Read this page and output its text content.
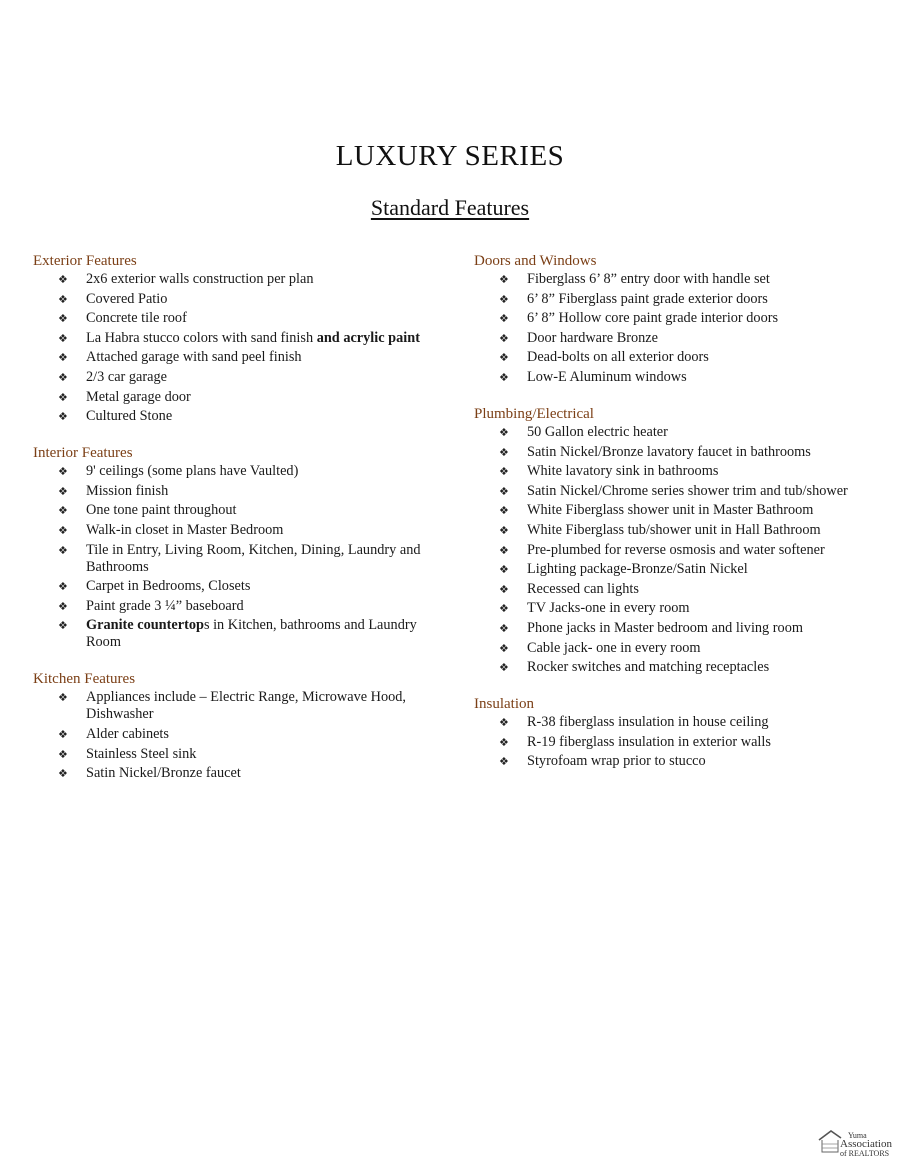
LUXURY SERIES
Standard Features
Exterior Features
❖ 2x6 exterior walls construction per plan
❖ Covered Patio
❖ Concrete tile roof
❖ La Habra stucco colors with sand finish and acrylic paint
❖ Attached garage with sand peel finish
❖ 2/3 car garage
❖ Metal garage door
❖ Cultured Stone
Interior Features
❖ 9' ceilings (some plans have Vaulted)
❖ Mission finish
❖ One tone paint throughout
❖ Walk-in closet in Master Bedroom
❖ Tile in Entry, Living Room, Kitchen, Dining, Laundry and Bathrooms
❖ Carpet in Bedrooms, Closets
❖ Paint grade 3 ¼” baseboard
❖ Granite countertops in Kitchen, bathrooms and Laundry Room
Kitchen Features
❖ Appliances include – Electric Range, Microwave Hood, Dishwasher
❖ Alder cabinets
❖ Stainless Steel sink
❖ Satin Nickel/Bronze faucet
Doors and Windows
❖ Fiberglass 6’ 8” entry door with handle set
❖ 6’ 8” Fiberglass paint grade exterior doors
❖ 6’ 8” Hollow core paint grade interior doors
❖ Door hardware Bronze
❖ Dead-bolts on all exterior doors
❖ Low-E Aluminum windows
Plumbing/Electrical
❖ 50 Gallon electric heater
❖ Satin Nickel/Bronze lavatory faucet in bathrooms
❖ White lavatory sink in bathrooms
❖ Satin Nickel/Chrome series shower trim and tub/shower
❖ White Fiberglass shower unit in Master Bathroom
❖ White Fiberglass tub/shower unit in Hall Bathroom
❖ Pre-plumbed for reverse osmosis and water softener
❖ Lighting package-Bronze/Satin Nickel
❖ Recessed can lights
❖ TV Jacks-one in every room
❖ Phone jacks in Master bedroom and living room
❖ Cable jack- one in every room
❖ Rocker switches and matching receptacles
Insulation
❖ R-38 fiberglass insulation in house ceiling
❖ R-19 fiberglass insulation in exterior walls
❖ Styrofoam wrap prior to stucco
Yuma
Association
of REALTORS
